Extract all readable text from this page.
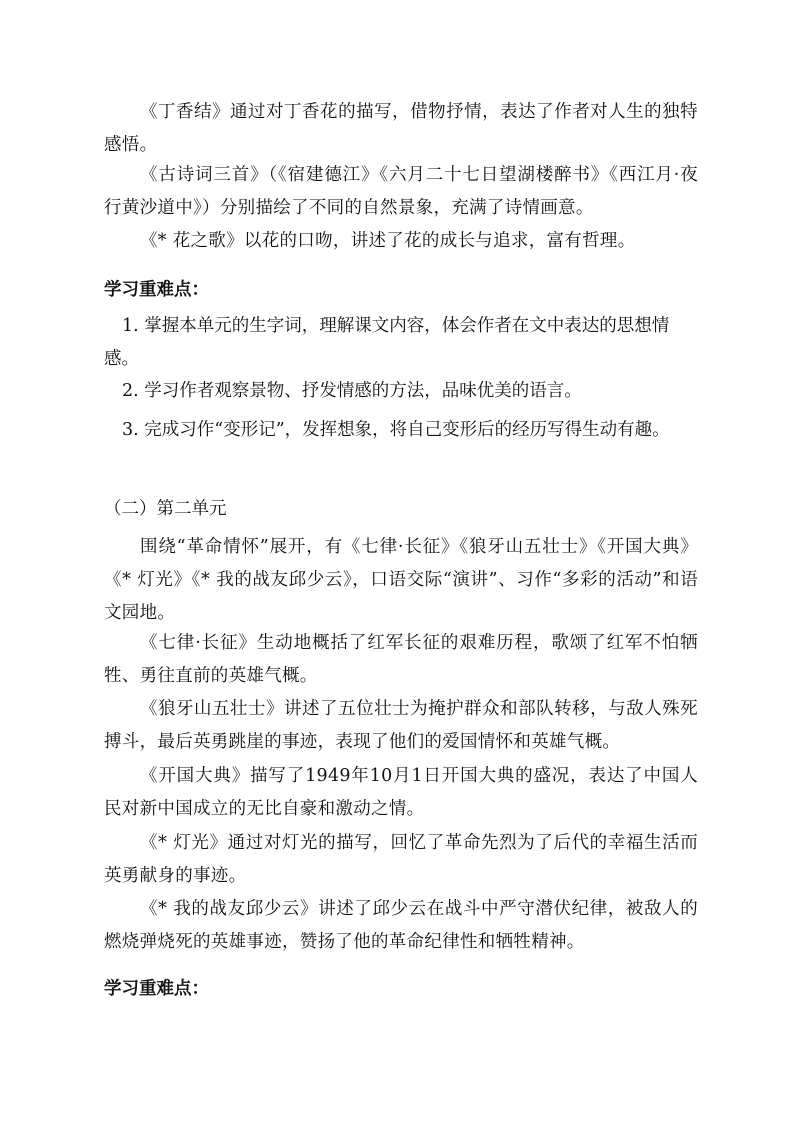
《丁香结》通过对丁香花的描写，借物抒情，表达了作者对人生的独特感悟。

《古诗词三首》（《宿建德江》《六月二十七日望湖楼醉书》《西江月·夜行黄沙道中》）分别描绘了不同的自然景象，充满了诗情画意。

《* 花之歌》以花的口吻，讲述了花的成长与追求，富有哲理。

学习重难点：

1. 掌握本单元的生字词，理解课文内容，体会作者在文中表达的思想情感。

2. 学习作者观察景物、抒发情感的方法，品味优美的语言。

3. 完成习作“变形记”，发挥想象，将自己变形后的经历写得生动有趣。

（二）第二单元

围绕“革命情怀”展开，有《七律·长征》《狼牙山五壮士》《开国大典》《* 灯光》《* 我的战友邱少云》，口语交际“演讲”、习作“多彩的活动”和语文园地。

《七律·长征》生动地概括了红军长征的艰难历程，歌颂了红军不怕牺牲、勇往直前的英雄气概。

《狼牙山五壮士》讲述了五位壮士为掩护群众和部队转移，与敌人殊死搏斗，最后英勇跳崖的事迹，表现了他们的爱国情怀和英雄气概。

《开国大典》描写了1949年10月1日开国大典的盛况，表达了中国人民对新中国成立的无比自豪和激动之情。

《* 灯光》通过对灯光的描写，回忆了革命先烈为了后代的幸福生活而英勇献身的事迹。

《* 我的战友邱少云》讲述了邱少云在战斗中严守潜伏纪律，被敌人的燃烧弹烧死的英雄事迹，赞扬了他的革命纪律性和牺牲精神。

学习重难点：
